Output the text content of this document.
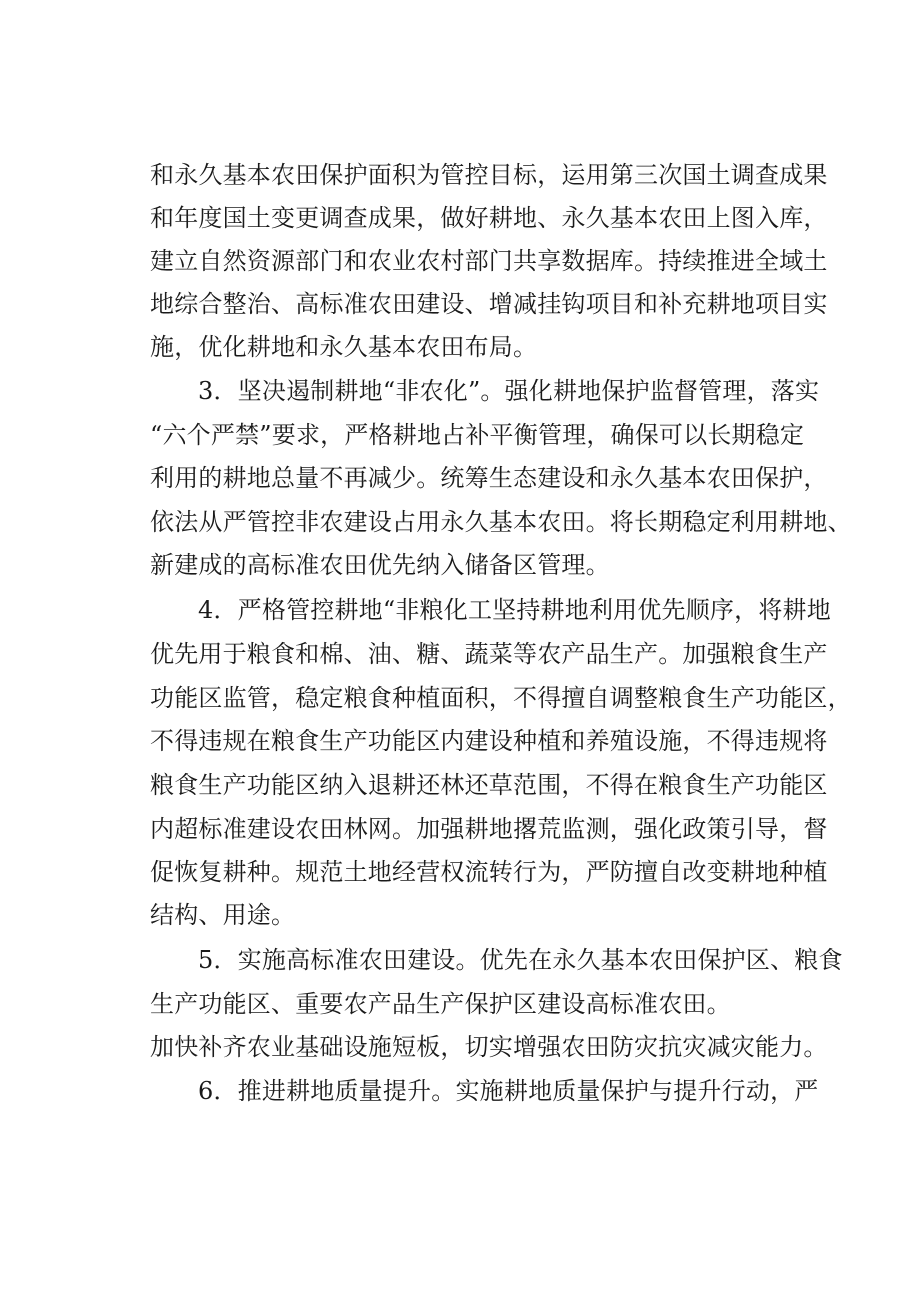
和永久基本农田保护面积为管控目标，运用第三次国土调查成果
和年度国土变更调查成果，做好耕地、永久基本农田上图入库，
建立自然资源部门和农业农村部门共享数据库。持续推进全域土
地综合整治、高标准农田建设、增减挂钩项目和补充耕地项目实
施，优化耕地和永久基本农田布局。
3．坚决遏制耕地“非农化”。强化耕地保护监督管理，落实
“六个严禁”要求，严格耕地占补平衡管理，确保可以长期稳定
利用的耕地总量不再减少。统筹生态建设和永久基本农田保护，
依法从严管控非农建设占用永久基本农田。将长期稳定利用耕地、
新建成的高标准农田优先纳入储备区管理。
4．严格管控耕地“非粮化工坚持耕地利用优先顺序，将耕地
优先用于粮食和棉、油、糖、蔬菜等农产品生产。加强粮食生产
功能区监管，稳定粮食种植面积，不得擅自调整粮食生产功能区，
不得违规在粮食生产功能区内建设种植和养殖设施，不得违规将
粮食生产功能区纳入退耕还林还草范围，不得在粮食生产功能区
内超标准建设农田林网。加强耕地撂荒监测，强化政策引导，督
促恢复耕种。规范土地经营权流转行为，严防擅自改变耕地种植
结构、用途。
5．实施高标准农田建设。优先在永久基本农田保护区、粮食
生产功能区、重要农产品生产保护区建设高标准农田。
加快补齐农业基础设施短板，切实增强农田防灾抗灾减灾能力。
6．推进耕地质量提升。实施耕地质量保护与提升行动，严
